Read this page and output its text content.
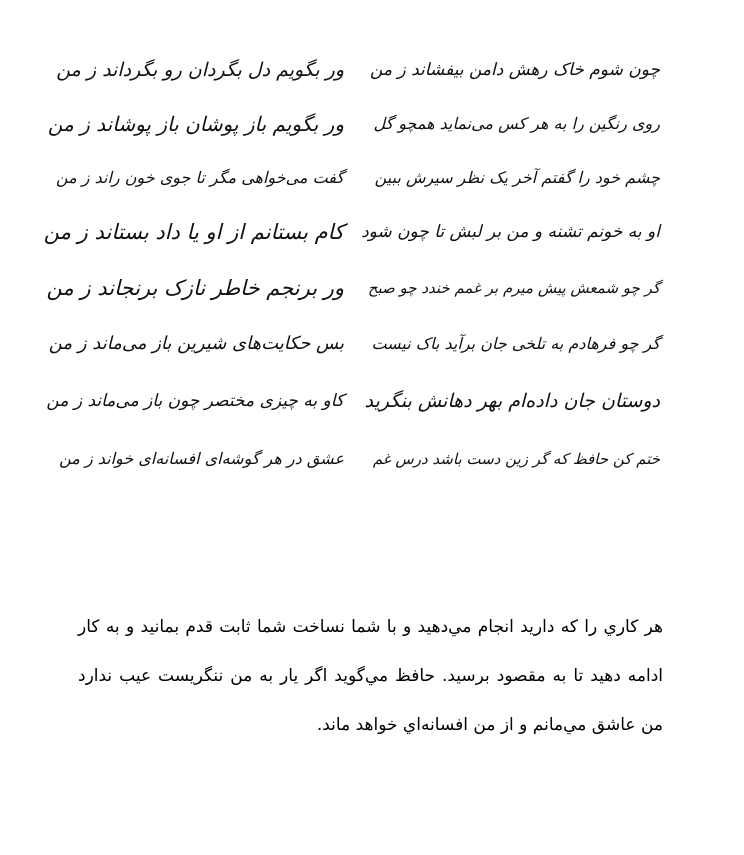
چون شوم خاک رهش دامن بیفشاند ز من
روی رنگین را به هر کس می‌نماید همچو گل
چشم خود را گفتم آخر یک نظر سیرش ببین
او به خونم تشنه و من بر لبش تا چون شود
گر چو شمعش پیش میرم بر غمم خندد چو صبح
گر چو فرهادم به تلخی جان برآید باک نیست
دوستان جان داده‌ام بهر دهانش بنگرید
ختم کن حافظ که گر زین دست باشد درس غم
ور بگویم دل بگردان رو بگرداند ز من
ور بگویم باز پوشان باز پوشاند ز من
گفت می‌خواهی مگر تا جوی خون راند ز من
کام بستانم از او یا داد بستاند ز من
ور برنجم خاطر نازک برنجاند ز من
بس حکایت‌های شیرین باز می‌ماند ز من
کاو به چیزی مختصر چون باز می‌ماند ز من
عشق در هر گوشه‌ای افسانه‌ای خواند ز من
هر كاري را كه داريد انجام مي‌دهيد و با شما نساخت شما ثابت قدم بمانيد و به كار ادامه دهيد تا به مقصود برسيد. حافظ مي‌گويد اگر يار به من ننگريست عيب ندارد من عاشق مي‌مانم و از من افسانه‌اي خواهد ماند.
